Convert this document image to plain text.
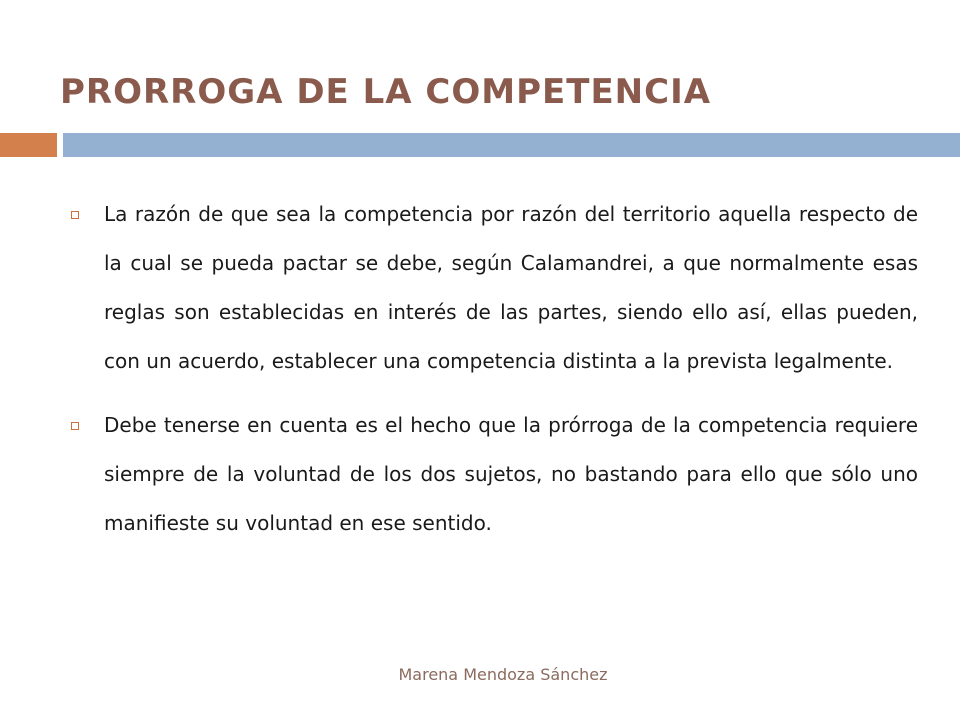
PRORROGA DE LA COMPETENCIA

La razón de que sea la competencia por razón del territorio aquella respecto de la cual se pueda pactar se debe, según Calamandrei, a que normalmente esas reglas son establecidas en interés de las partes, siendo ello así, ellas pueden, con un acuerdo, establecer una competencia distinta a la prevista legalmente.

Debe tenerse en cuenta es el hecho que la prórroga de la competencia requiere siempre de la voluntad de los dos sujetos, no bastando para ello que sólo uno manifieste su voluntad en ese sentido.

Marena Mendoza Sánchez
